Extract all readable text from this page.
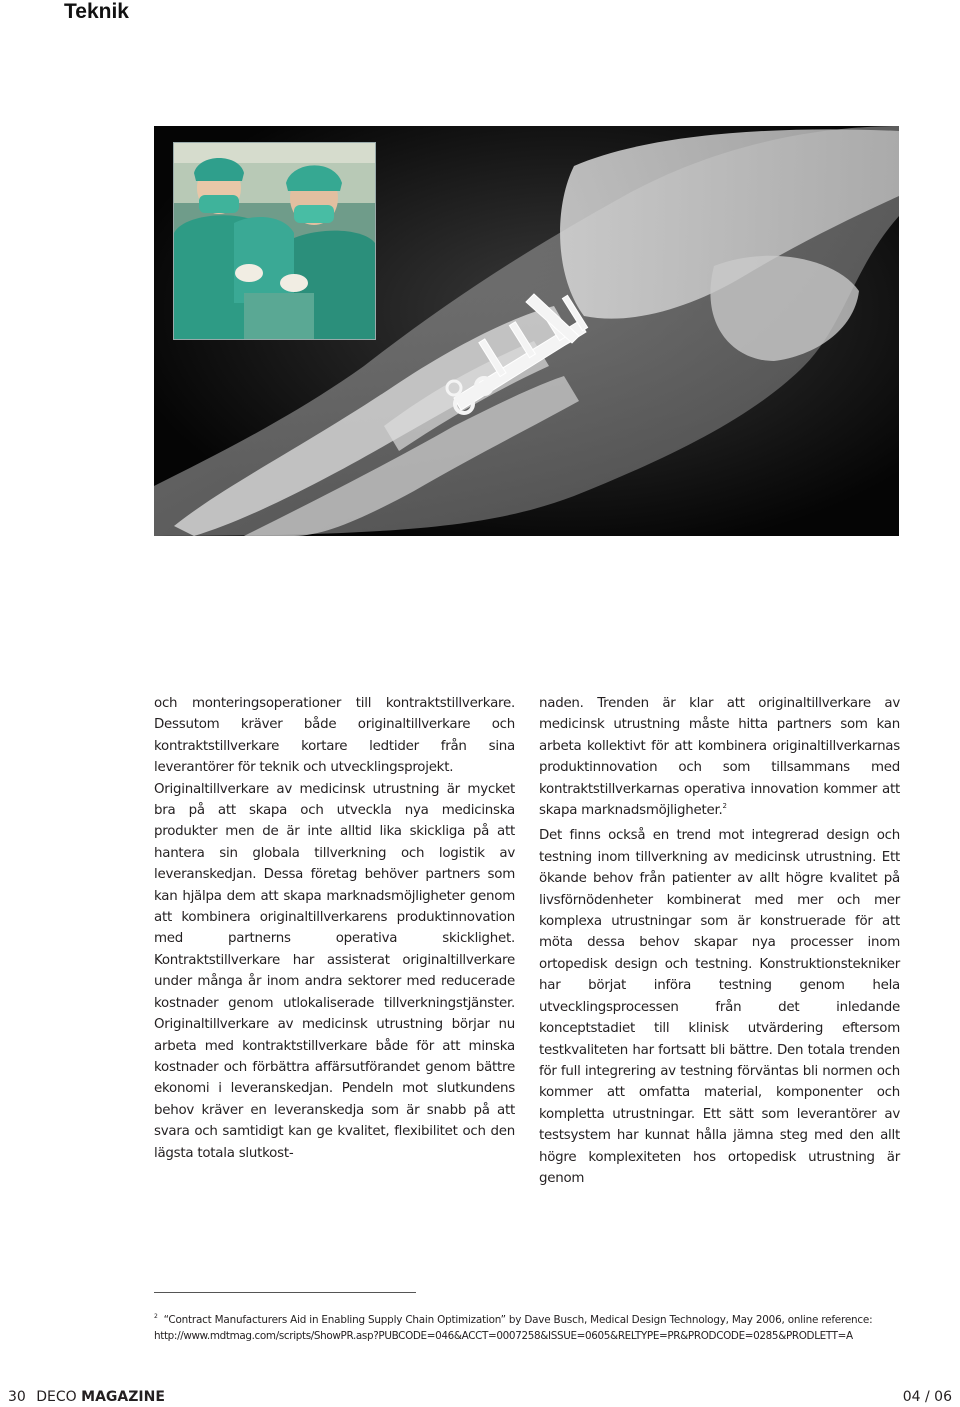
Teknik

och monteringsoperationer till kontraktstillverkare. Dessutom kräver både originaltillverkare och kontraktstillverkare kortare ledtider från sina leverantörer för teknik och utvecklingsprojekt.

Originaltillverkare av medicinsk utrustning är mycket bra på att skapa och utveckla nya medicinska produkter men de är inte alltid lika skickliga på att hantera sin globala tillverkning och logistik av leveranskedjan. Dessa företag behöver partners som kan hjälpa dem att skapa marknadsmöjligheter genom att kombinera originaltillverkarens produktinnovation med partnerns operativa skicklighet. Kontraktstillverkare har assisterat originaltillverkare under många år inom andra sektorer med reducerade kostnader genom utlokaliserade tillverkningstjänster. Originaltillverkare av medicinsk utrustning börjar nu arbeta med kontraktstillverkare både för att minska kostnader och förbättra affärsutförandet genom bättre ekonomi i leveranskedjan. Pendeln mot slutkundens behov kräver en leveranskedja som är snabb på att svara och samtidigt kan ge kvalitet, flexibilitet och den lägsta totala slutkost-

naden. Trenden är klar att originaltillverkare av medicinsk utrustning måste hitta partners som kan arbeta kollektivt för att kombinera originaltillverkarnas produktinnovation och som tillsammans med kontraktstillverkarnas operativa innovation kommer att skapa marknadsmöjligheter.$^2$

Det finns också en trend mot integrerad design och testning inom tillverkning av medicinsk utrustning. Ett ökande behov från patienter av allt högre kvalitet på livsförnödenheter kombinerat med mer och mer komplexa utrustningar som är konstruerade för att möta dessa behov skapar nya processer inom ortopedisk design och testning. Konstruktionstekniker har börjat införa testning genom hela utvecklingsprocessen från det inledande konceptstadiet till klinisk utvärdering eftersom testkvaliteten har fortsatt bli bättre. Den totala trenden för full integrering av testning förväntas bli normen och kommer att omfatta material, komponenter och kompletta utrustningar. Ett sätt som leverantörer av testsystem har kunnat hålla jämna steg med den allt högre komplexiteten hos ortopedisk utrustning är genom

$^2$ “Contract Manufacturers Aid in Enabling Supply Chain Optimization” by Dave Busch, Medical Design Technology, May 2006, online reference:
http://www.mdtmag.com/scripts/ShowPR.asp?PUBCODE=046&ACCT=0007258&ISSUE=0605&RELTYPE=PR&PRODCODE=0285&PRODLETT=A

30 DECO MAGAZINE	04 / 06
